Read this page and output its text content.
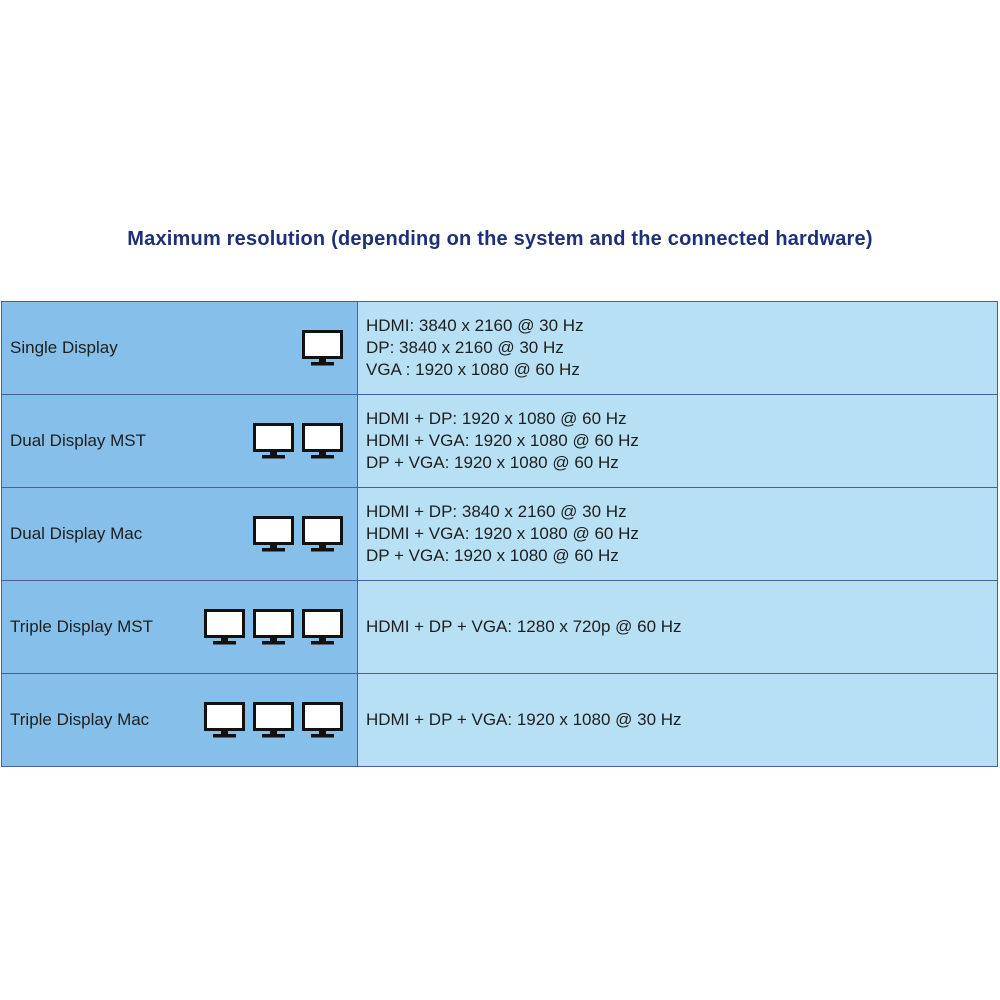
Maximum resolution (depending on the system and the connected hardware)
Single Display
HDMI: 3840 x 2160 @ 30 Hz
DP: 3840 x 2160 @ 30 Hz
VGA : 1920 x 1080 @ 60 Hz
Dual Display MST
HDMI + DP: 1920 x 1080 @ 60 Hz
HDMI + VGA: 1920 x 1080 @ 60 Hz
DP + VGA: 1920 x 1080 @ 60 Hz
Dual Display Mac
HDMI + DP: 3840 x 2160 @ 30 Hz
HDMI + VGA: 1920 x 1080 @ 60 Hz
DP + VGA: 1920 x 1080 @ 60 Hz
Triple Display MST	HDMI + DP + VGA: 1280 x 720p @ 60 Hz
Triple Display Mac	HDMI + DP + VGA: 1920 x 1080 @ 30 Hz
